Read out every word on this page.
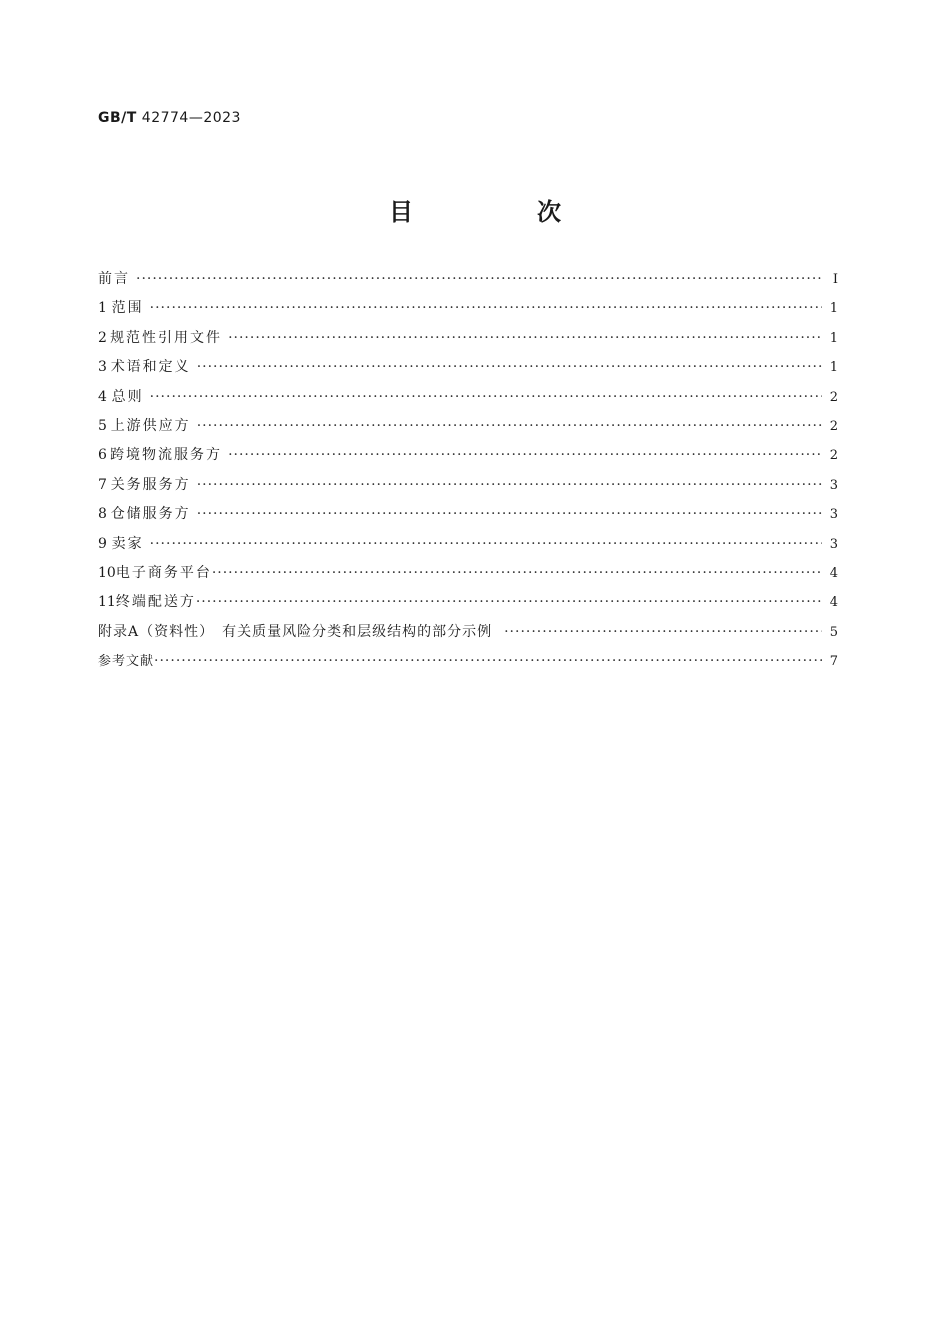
GB/T 42774—2023
目　次
前言 ·····	Ⅰ
1 范围 ·····	1
2 规范性引用文件 ·····	1
3 术语和定义 ·····	1
4 总则 ·····	2
5 上游供应方 ·····	2
6 跨境物流服务方 ·····	2
7 关务服务方 ·····	3
8 仓储服务方 ·····	3
9 卖家 ·····	3
10 电子商务平台 ·····	4
11 终端配送方 ·····	4
附录A（资料性）　有关质量风险分类和层级结构的部分示例 ·····	5
参考文献 ·····	7
